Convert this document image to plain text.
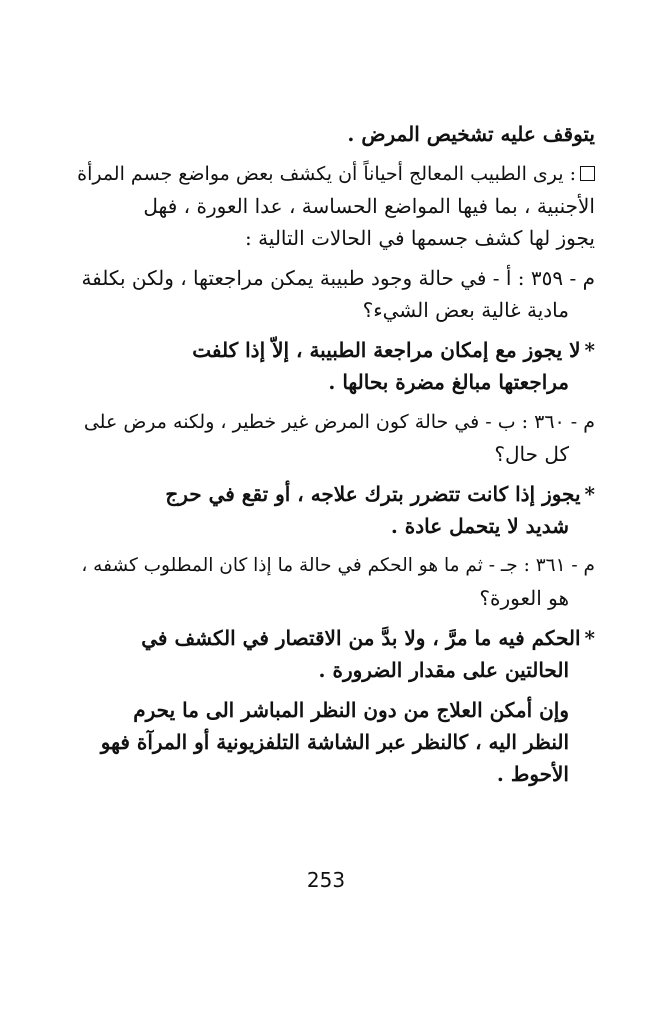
يتوقف عليه تشخيص المرض .
: يرى الطبيب المعالج أحياناً أن يكشف بعض مواضع جسم المرأة
الأجنبية ، بما فيها المواضع الحساسة ، عدا العورة ، فهل
يجوز لها كشف جسمها في الحالات التالية :
م - ٣٥٩ : أ - في حالة وجود طبيبة يمكن مراجعتها ، ولكن بكلفة
مادية غالية بعض الشيء؟
*لا يجوز مع إمكان مراجعة الطبيبة ، إلاّ إذا كلفت
مراجعتها مبالغ مضرة بحالها .
م - ٣٦٠ : ب - في حالة كون المرض غير خطير ، ولكنه مرض على
كل حال؟
*يجوز إذا كانت تتضرر بترك علاجه ، أو تقع في حرج
شديد لا يتحمل عادة .
م - ٣٦١ : جـ - ثم ما هو الحكم في حالة ما إذا كان المطلوب كشفه ،
هو العورة؟
*الحكم فيه ما مرَّ ، ولا بدَّ من الاقتصار في الكشف في
الحالتين على مقدار الضرورة .
وإن أمكن العلاج من دون النظر المباشر الى ما يحرم
النظر اليه ، كالنظر عبر الشاشة التلفزيونية أو المرآة فهو
الأحوط .
253
